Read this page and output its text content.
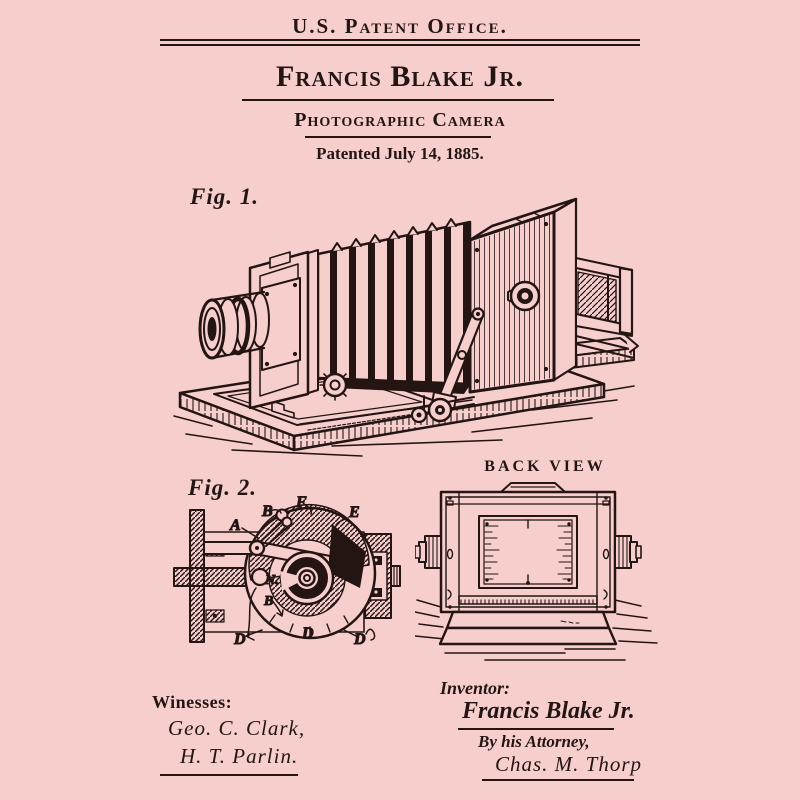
U.S. Patent Office.
Francis Blake Jr.
Photographic Camera
Patented July 14, 1885.
Fig. 1.
Fig. 2.
A
B
F
E
N.
B
D'	D	D
BACK VIEW
Winesses:
Geo. C. Clark,
H. T. Parlin.
Inventor:
Francis Blake Jr.
By his Attorney,
Chas. M. Thorp
